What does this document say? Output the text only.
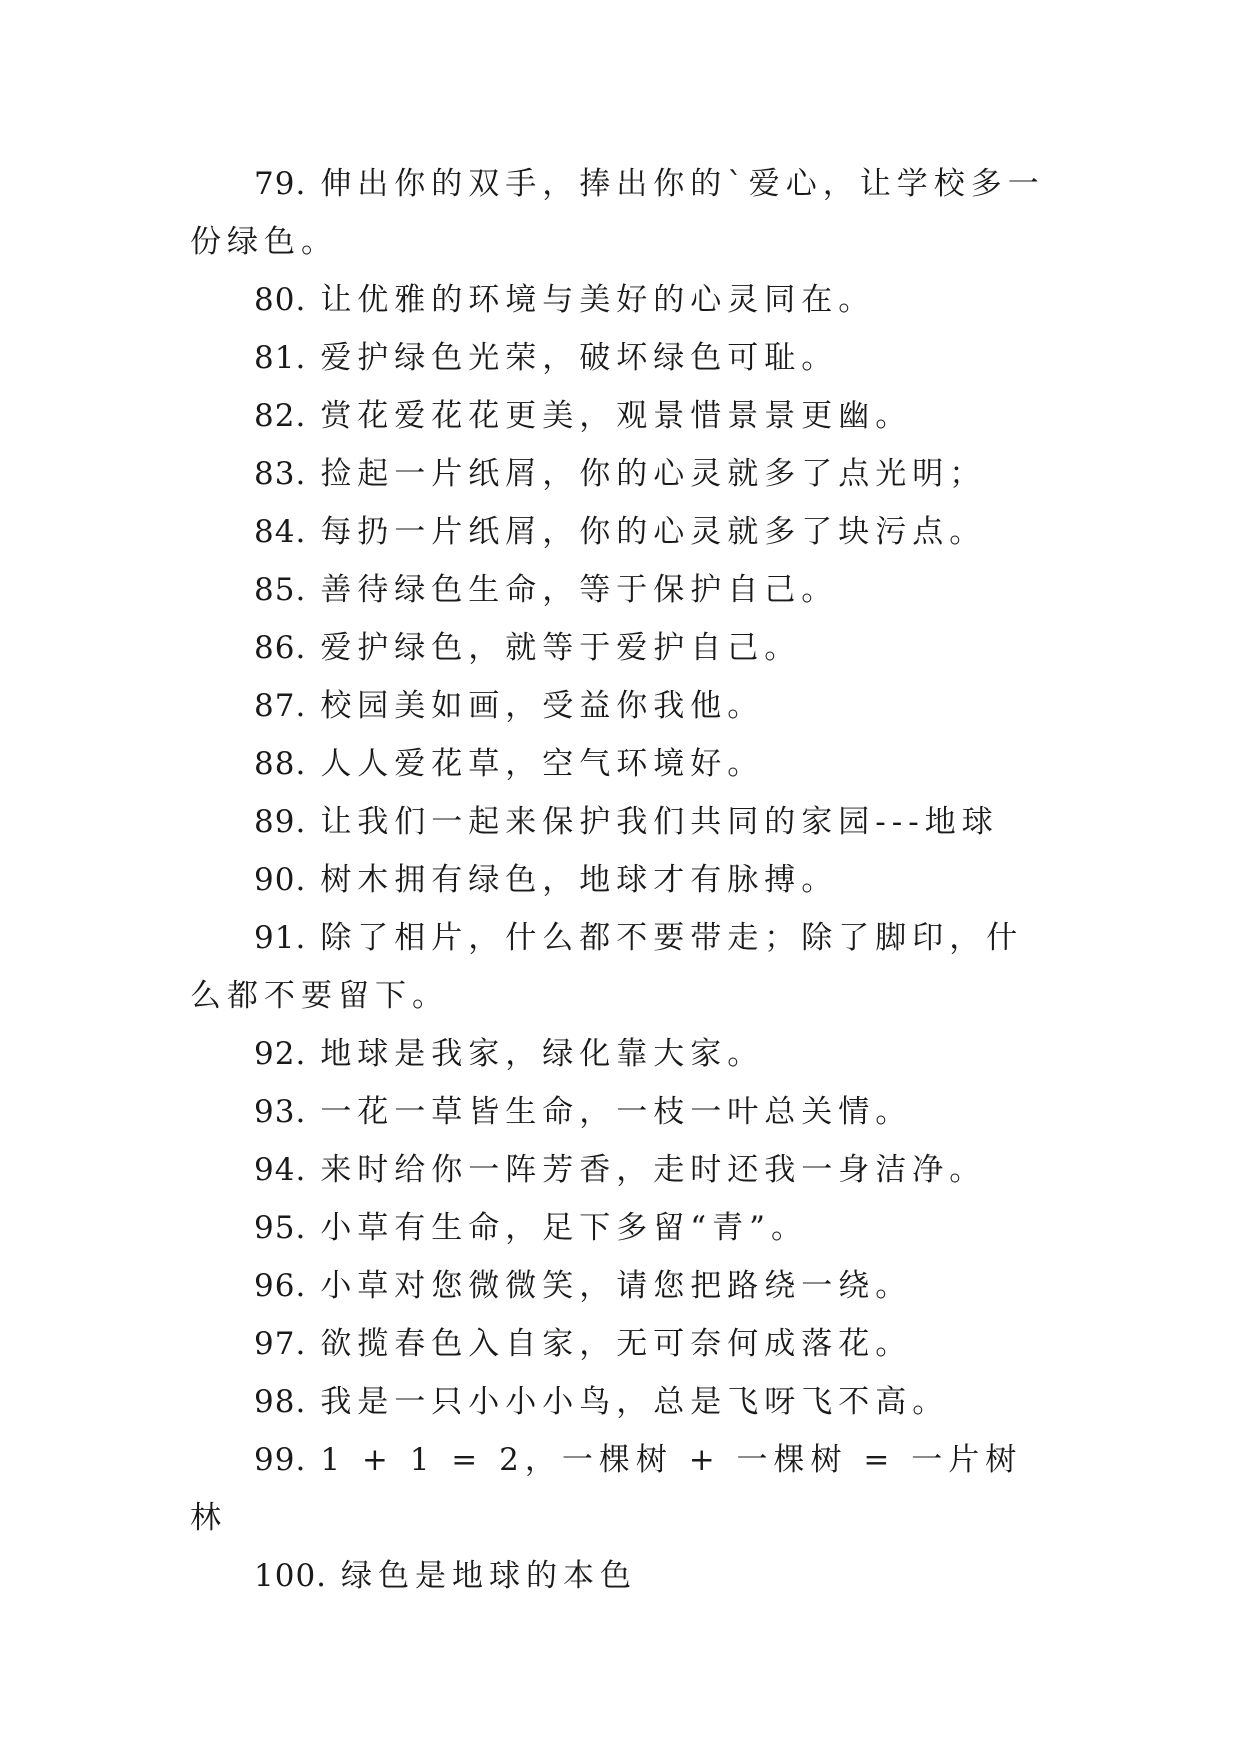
79. 伸出你的双手，捧出你的`爱心，让学校多一份绿色。

80. 让优雅的环境与美好的心灵同在。

81. 爱护绿色光荣，破坏绿色可耻。

82. 赏花爱花花更美，观景惜景景更幽。

83. 捡起一片纸屑，你的心灵就多了点光明；

84. 每扔一片纸屑，你的心灵就多了块污点。

85. 善待绿色生命，等于保护自己。

86. 爱护绿色，就等于爱护自己。

87. 校园美如画，受益你我他。

88. 人人爱花草，空气环境好。

89. 让我们一起来保护我们共同的家园---地球

90. 树木拥有绿色，地球才有脉搏。

91. 除了相片，什么都不要带走；除了脚印，什么都不要留下。

92. 地球是我家，绿化靠大家。

93. 一花一草皆生命，一枝一叶总关情。

94. 来时给你一阵芳香，走时还我一身洁净。

95. 小草有生命，足下多留“青”。

96. 小草对您微微笑，请您把路绕一绕。

97. 欲揽春色入自家，无可奈何成落花。

98. 我是一只小小小鸟，总是飞呀飞不高。

99. 1 + 1 = 2，一棵树 + 一棵树 = 一片树林

100. 绿色是地球的本色
